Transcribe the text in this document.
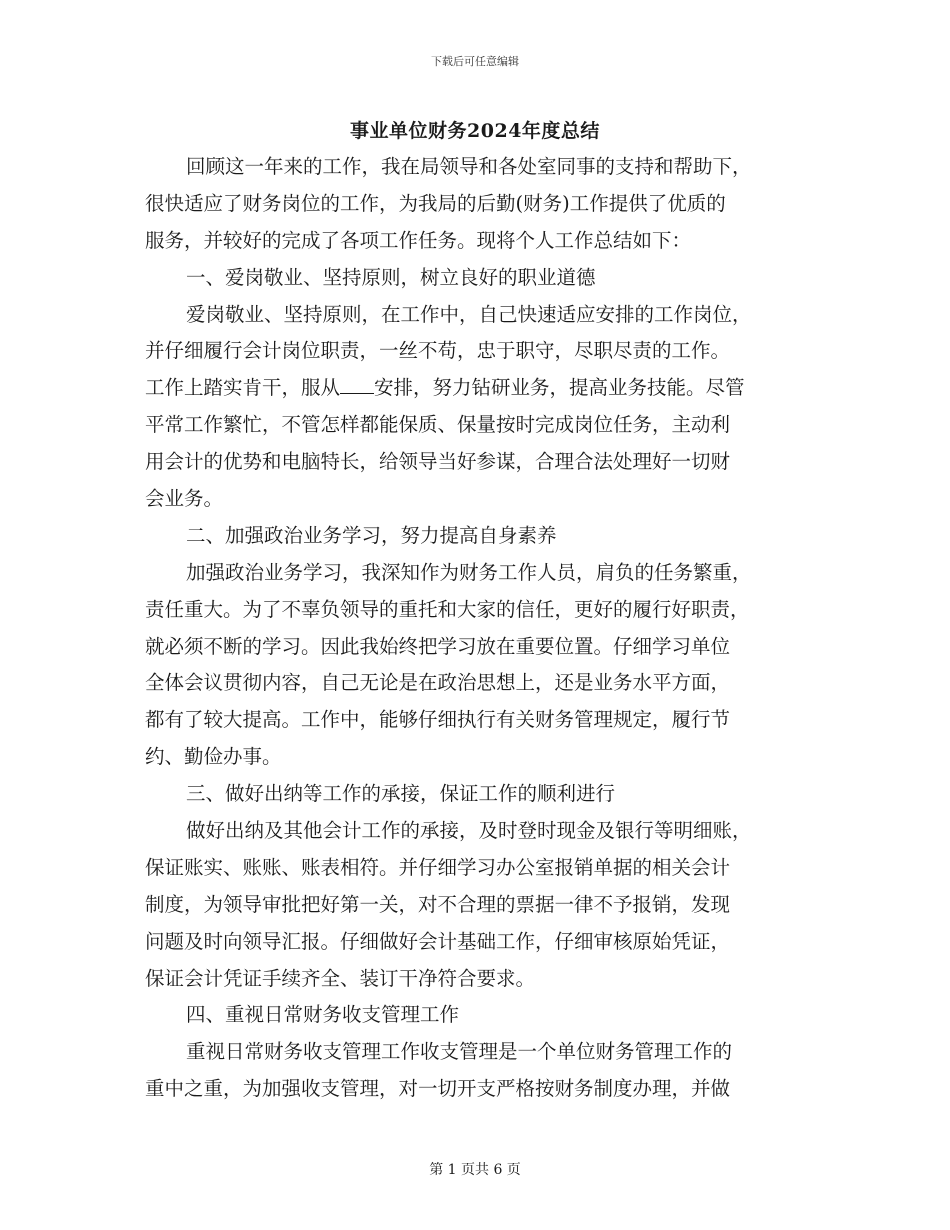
下载后可任意编辑
事业单位财务2024年度总结
回顾这一年来的工作，我在局领导和各处室同事的支持和帮助下，
很快适应了财务岗位的工作，为我局的后勤(财务)工作提供了优质的
服务，并较好的完成了各项工作任务。现将个人工作总结如下：
一、爱岗敬业、坚持原则，树立良好的职业道德
爱岗敬业、坚持原则，在工作中，自己快速适应安排的工作岗位，
并仔细履行会计岗位职责，一丝不苟，忠于职守，尽职尽责的工作。
工作上踏实肯干，服从 安排，努力钻研业务，提高业务技能。尽管
平常工作繁忙，不管怎样都能保质、保量按时完成岗位任务，主动利
用会计的优势和电脑特长，给领导当好参谋，合理合法处理好一切财
会业务。
二、加强政治业务学习，努力提高自身素养
加强政治业务学习，我深知作为财务工作人员，肩负的任务繁重，
责任重大。为了不辜负领导的重托和大家的信任，更好的履行好职责，
就必须不断的学习。因此我始终把学习放在重要位置。仔细学习单位
全体会议贯彻内容，自己无论是在政治思想上，还是业务水平方面，
都有了较大提高。工作中，能够仔细执行有关财务管理规定，履行节
约、勤俭办事。
三、做好出纳等工作的承接，保证工作的顺利进行
做好出纳及其他会计工作的承接，及时登时现金及银行等明细账，
保证账实、账账、账表相符。并仔细学习办公室报销单据的相关会计
制度，为领导审批把好第一关，对不合理的票据一律不予报销，发现
问题及时向领导汇报。仔细做好会计基础工作，仔细审核原始凭证，
保证会计凭证手续齐全、装订干净符合要求。
四、重视日常财务收支管理工作
重视日常财务收支管理工作收支管理是一个单位财务管理工作的
重中之重，为加强收支管理，对一切开支严格按财务制度办理，并做
第 1 页共 6 页
